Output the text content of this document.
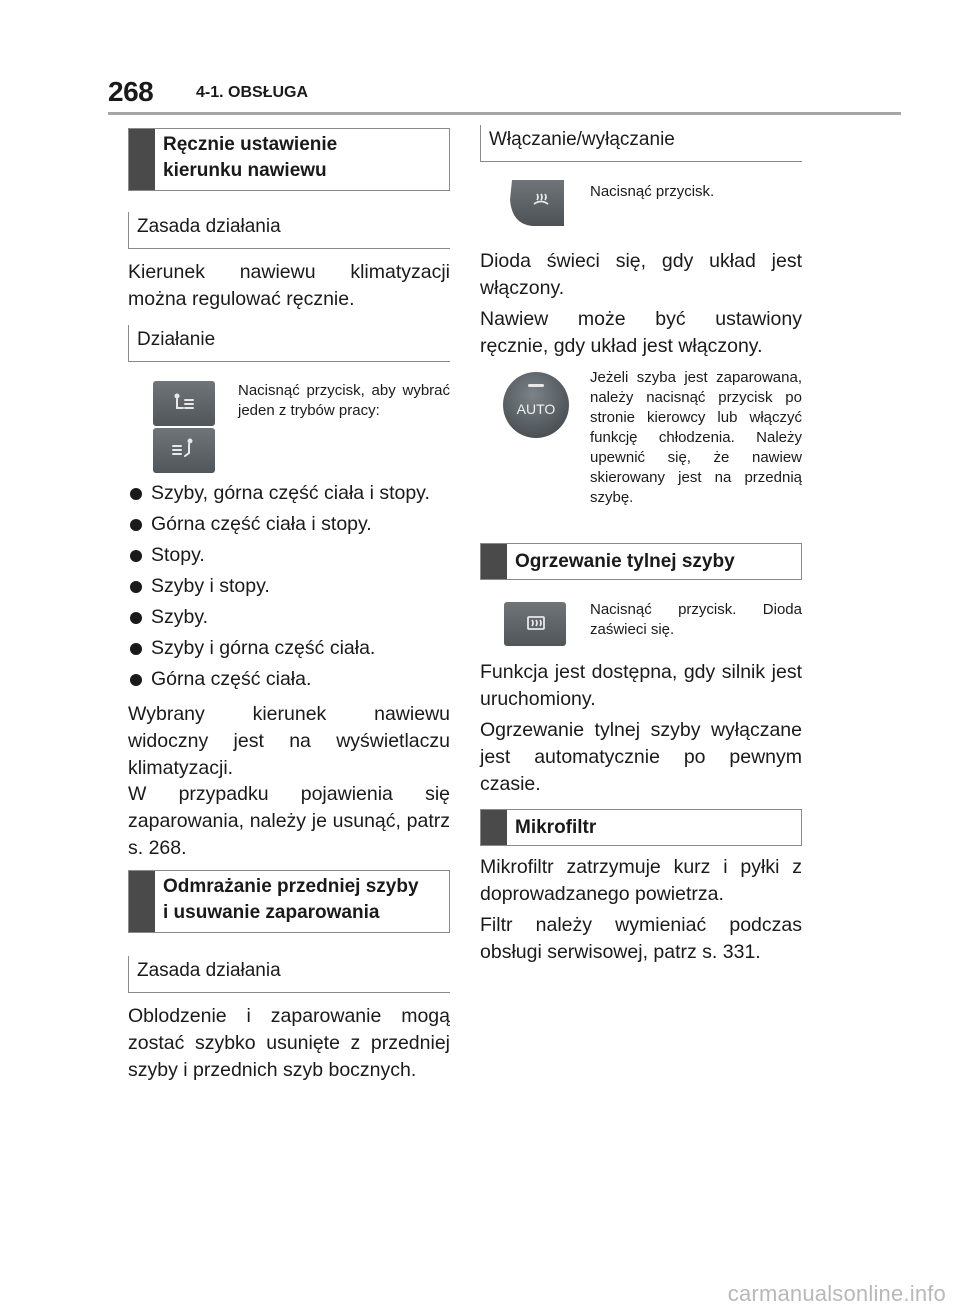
268	4-1. OBSŁUGA
Ręcznie ustawienie
kierunku nawiewu
Zasada działania

Kierunek nawiewu klimatyzacji można regulować ręcznie.

Działanie

Nacisnąć przycisk, aby wybrać jeden z trybów pracy:

Szyby, górna część ciała i stopy.
Górna część ciała i stopy.
Stopy.
Szyby i stopy.
Szyby.
Szyby i górna część ciała.
Górna część ciała.

Wybrany kierunek nawiewu widoczny jest na wyświetlaczu klimatyzacji.

W przypadku pojawienia się zaparowania, należy je usunąć, patrz s. 268.

Odmrażanie przedniej szyby
i usuwanie zaparowania
Zasada działania

Oblodzenie i zaparowanie mogą zostać szybko usunięte z przedniej szyby i przednich szyb bocznych.

Włączanie/wyłączanie

Nacisnąć przycisk.

Dioda świeci się, gdy układ jest włączony.

Nawiew może być ustawiony ręcznie, gdy układ jest włączony.

AUTO

Jeżeli szyba jest zaparowana, należy nacisnąć przycisk po stronie kierowcy lub włączyć funkcję chłodzenia. Należy upewnić się, że nawiew skierowany jest na przednią szybę.

Ogrzewanie tylnej szyby

Nacisnąć przycisk. Dioda zaświeci się.

Funkcja jest dostępna, gdy silnik jest uruchomiony.

Ogrzewanie tylnej szyby wyłączane jest automatycznie po pewnym czasie.

Mikrofiltr

Mikrofiltr zatrzymuje kurz i pyłki z doprowadzanego powietrza.

Filtr należy wymieniać podczas obsługi serwisowej, patrz s. 331.

carmanualsonline.info
